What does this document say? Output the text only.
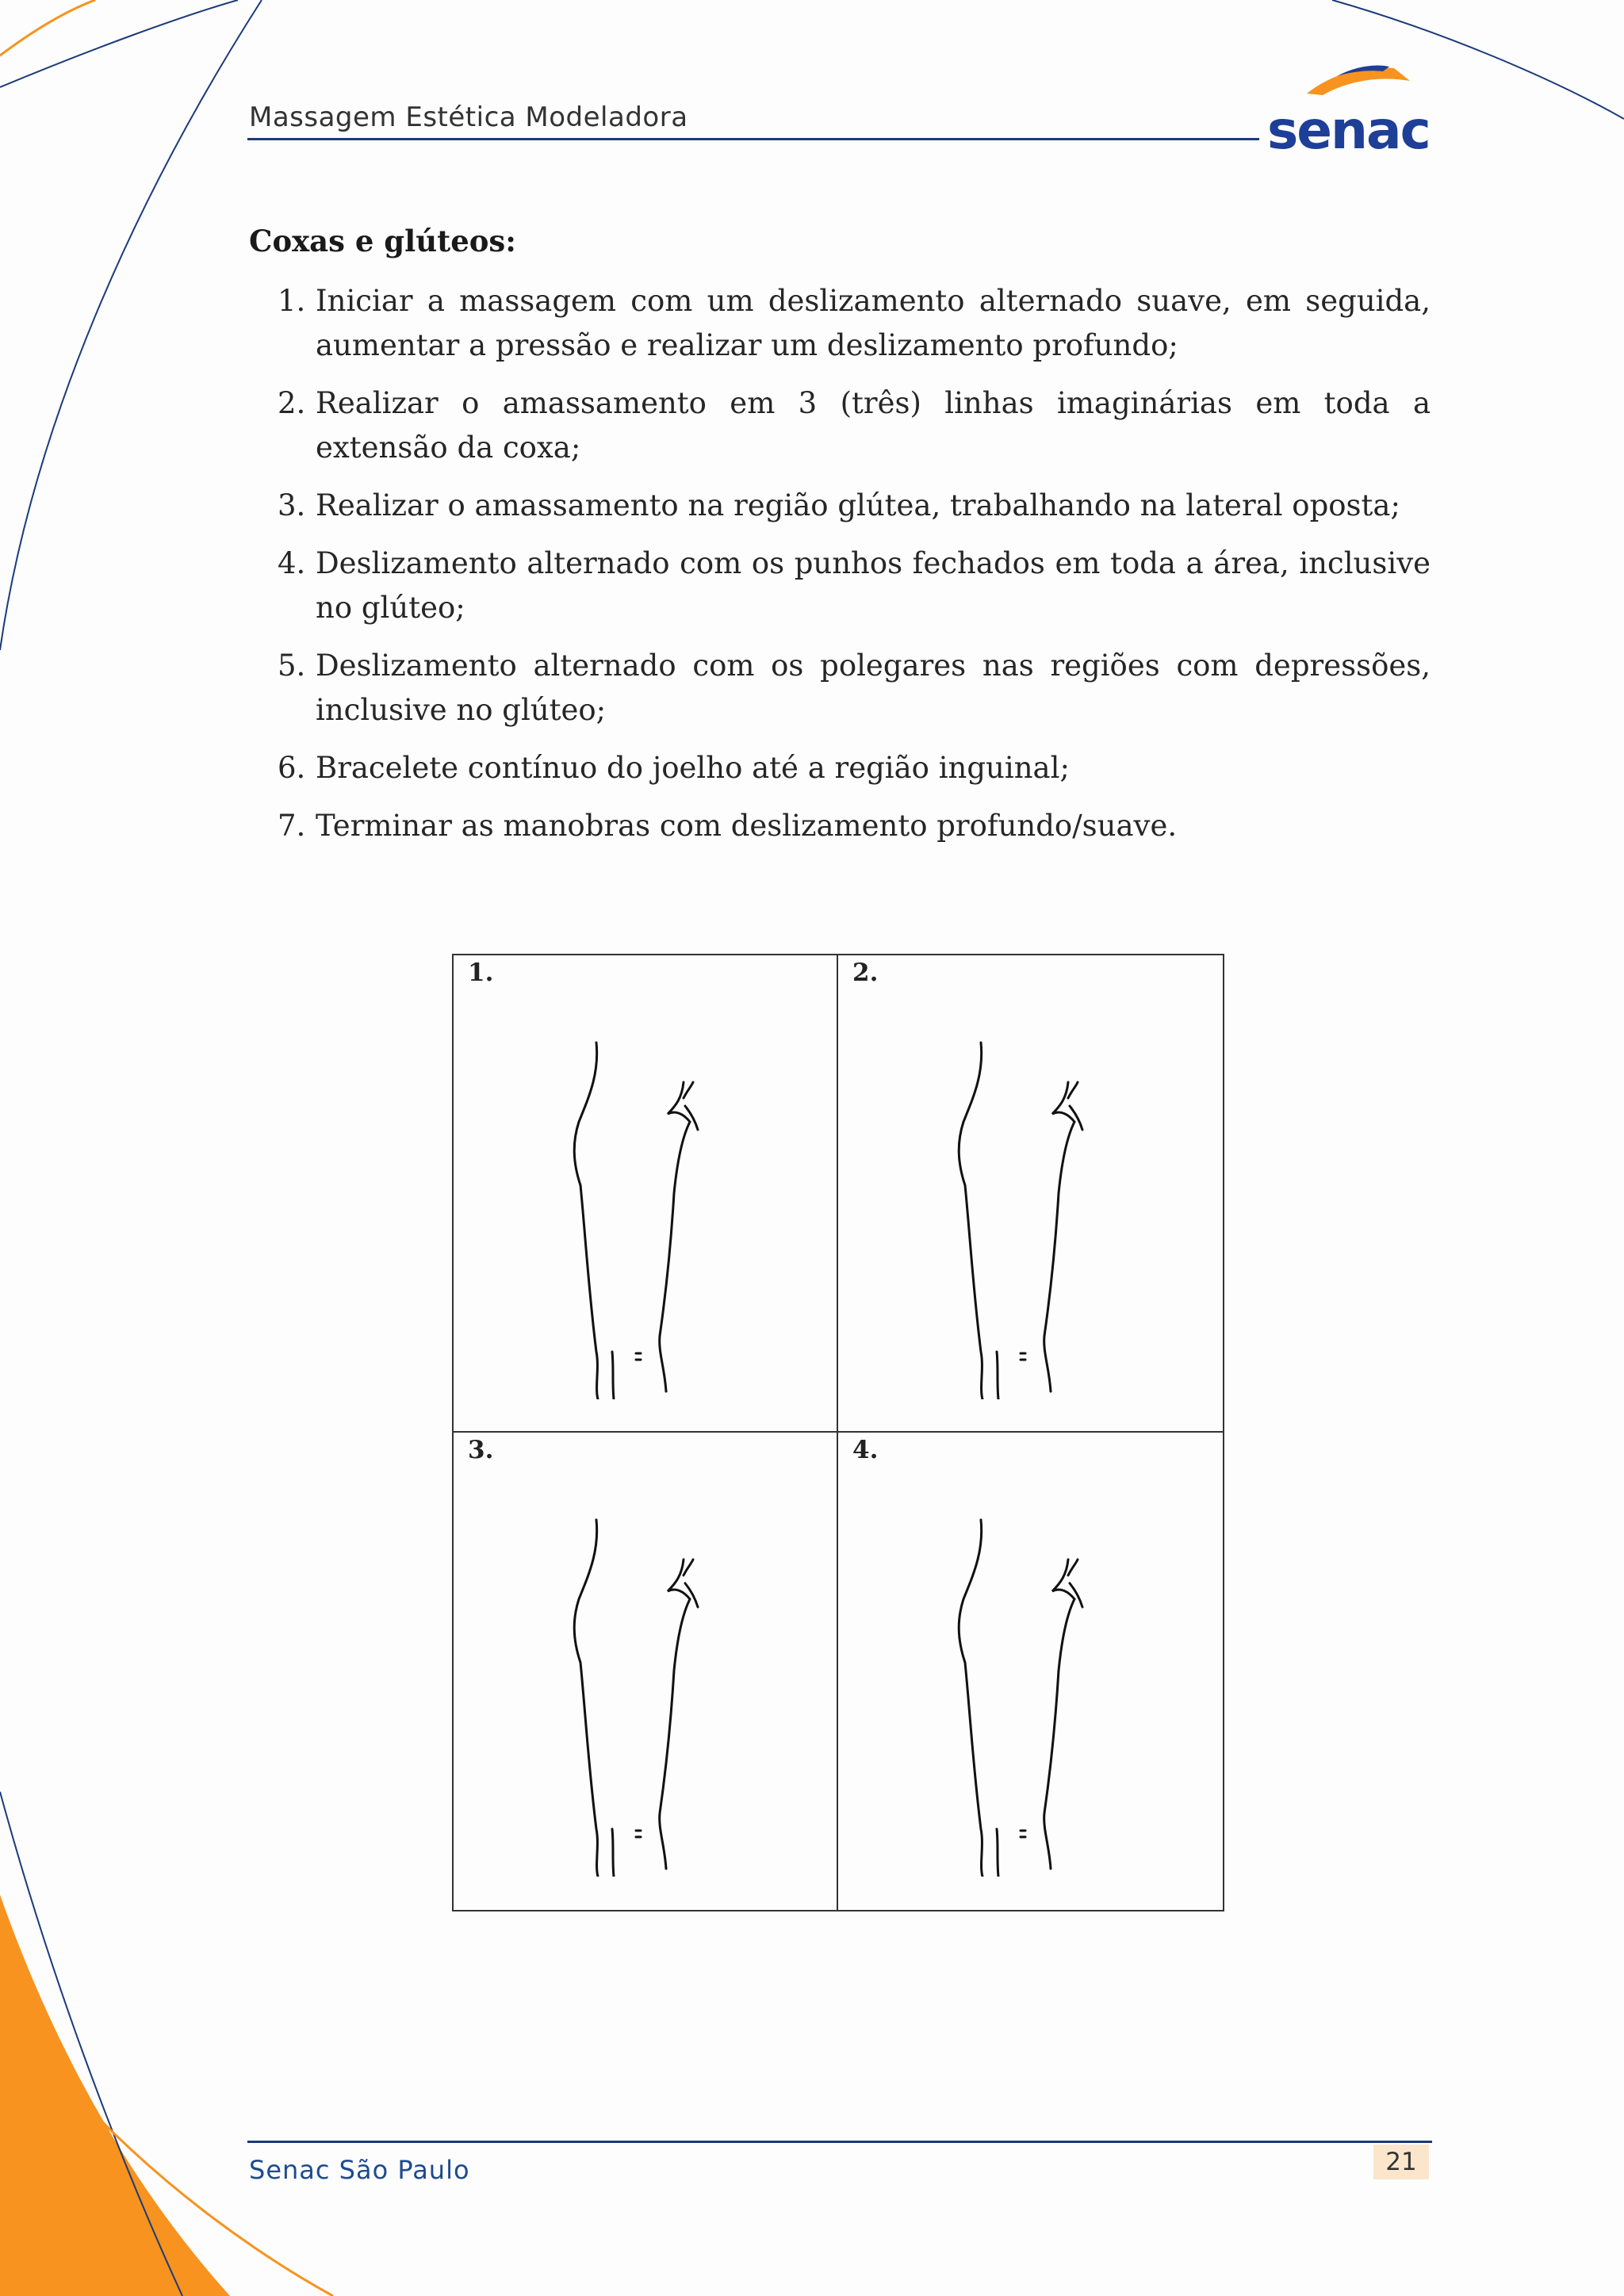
Massagem Estética Modeladora	senac
Coxas e glúteos:
1. Iniciar a massagem com um deslizamento alternado suave, em seguida, aumentar a pressão e realizar um deslizamento profundo;
2. Realizar o amassamento em 3 (três) linhas imaginárias em toda a extensão da coxa;
3. Realizar o amassamento na região glútea, trabalhando na lateral oposta;
4. Deslizamento alternado com os punhos fechados em toda a área, inclusive no glúteo;
5. Deslizamento alternado com os polegares nas regiões com depressões, inclusive no glúteo;
6. Bracelete contínuo do joelho até a região inguinal;
7. Terminar as manobras com deslizamento profundo/suave.
1.	2.
3.	4.
Senac São Paulo	21
